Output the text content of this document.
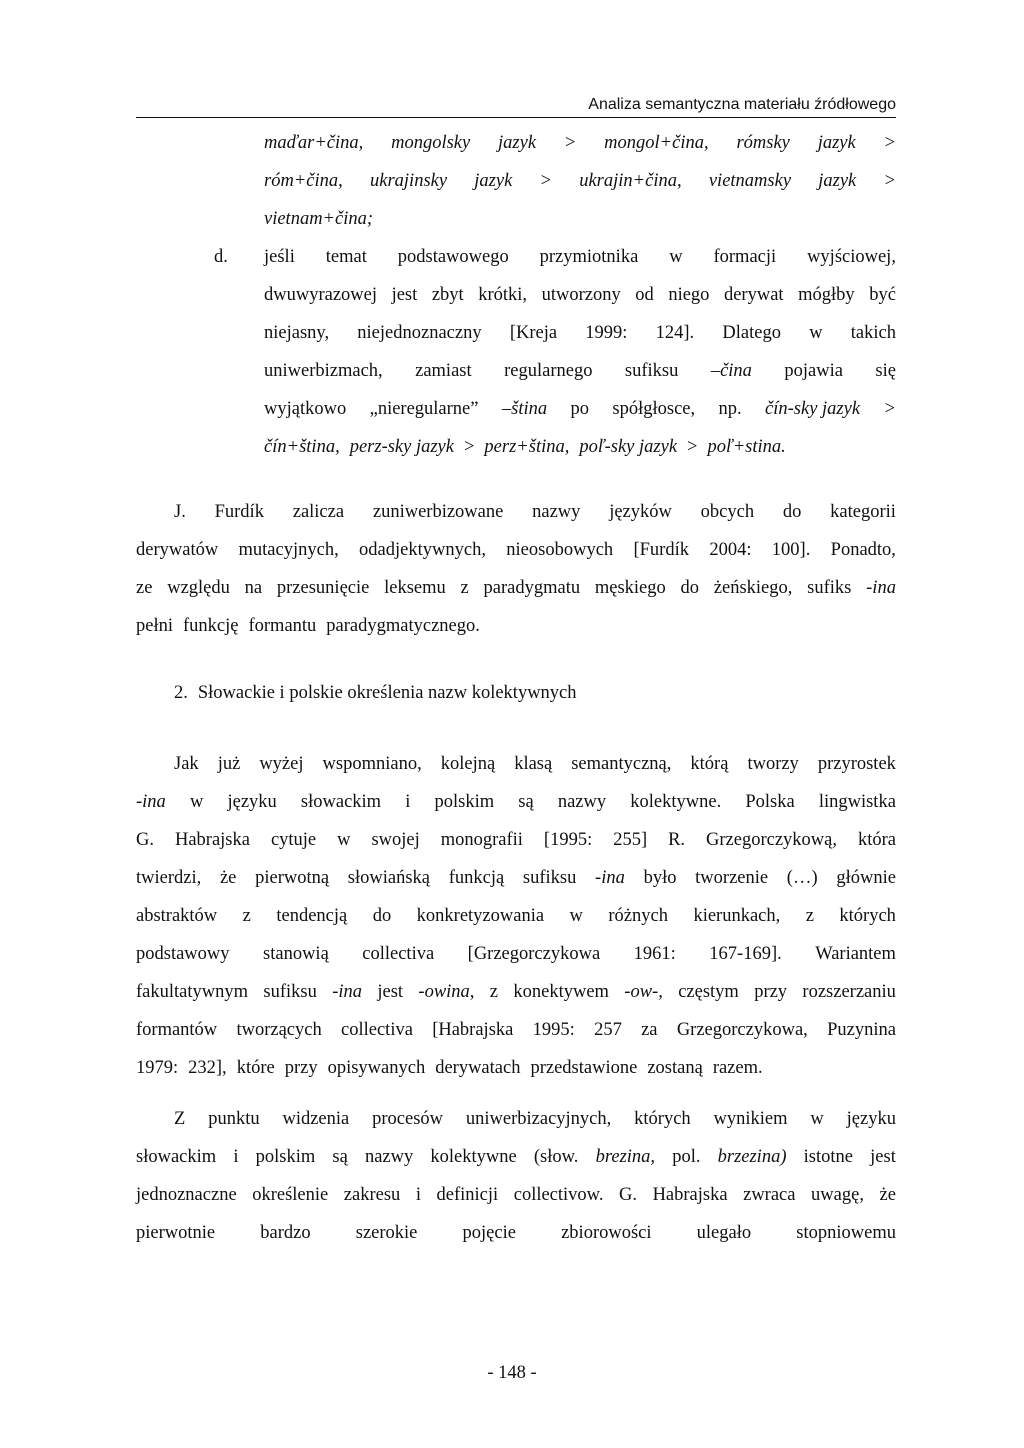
Analiza semantyczna materiału źródłowego
maďar+čina, mongolsky jazyk > mongol+čina, rómsky jazyk >
róm+čina, ukrajinsky jazyk > ukrajin+čina, vietnamsky jazyk >
vietnam+čina;
d. jeśli temat podstawowego przymiotnika w formacji wyjściowej,
dwuwyrazowej jest zbyt krótki, utworzony od niego derywat mógłby być
niejasny, niejednoznaczny [Kreja 1999: 124]. Dlatego w takich
uniwerbizmach, zamiast regularnego sufiksu –čina pojawia się
wyjątkowo „nieregularne” –ština po spółgłosce, np. čín-sky jazyk >
čín+ština, perz-sky jazyk > perz+ština, poľ-sky jazyk > poľ+stina.
J. Furdík zalicza zuniwerbizowane nazwy języków obcych do kategorii
derywatów mutacyjnych, odadjektywnych, nieosobowych [Furdík 2004: 100]. Ponadto,
ze względu na przesunięcie leksemu z paradygmatu męskiego do żeńskiego, sufiks -ina
pełni funkcję formantu paradygmatycznego.
2. Słowackie i polskie określenia nazw kolektywnych
Jak już wyżej wspomniano, kolejną klasą semantyczną, którą tworzy przyrostek
-ina w języku słowackim i polskim są nazwy kolektywne. Polska lingwistka
G. Habrajska cytuje w swojej monografii [1995: 255] R. Grzegorczykową, która
twierdzi, że pierwotną słowiańską funkcją sufiksu -ina było tworzenie (…) głównie
abstraktów z tendencją do konkretyzowania w różnych kierunkach, z których
podstawowy stanowią collectiva [Grzegorczykowa 1961: 167-169]. Wariantem
fakultatywnym sufiksu -ina jest -owina, z konektywem -ow-, częstym przy rozszerzaniu
formantów tworzących collectiva [Habrajska 1995: 257 za Grzegorczykowa, Puzynina
1979: 232], które przy opisywanych derywatach przedstawione zostaną razem.
Z punktu widzenia procesów uniwerbizacyjnych, których wynikiem w języku
słowackim i polskim są nazwy kolektywne (słow. brezina, pol. brzezina) istotne jest
jednoznaczne określenie zakresu i definicji collectivow. G. Habrajska zwraca uwagę, że
pierwotnie bardzo szerokie pojęcie zbiorowości ulegało stopniowemu
- 148 -
